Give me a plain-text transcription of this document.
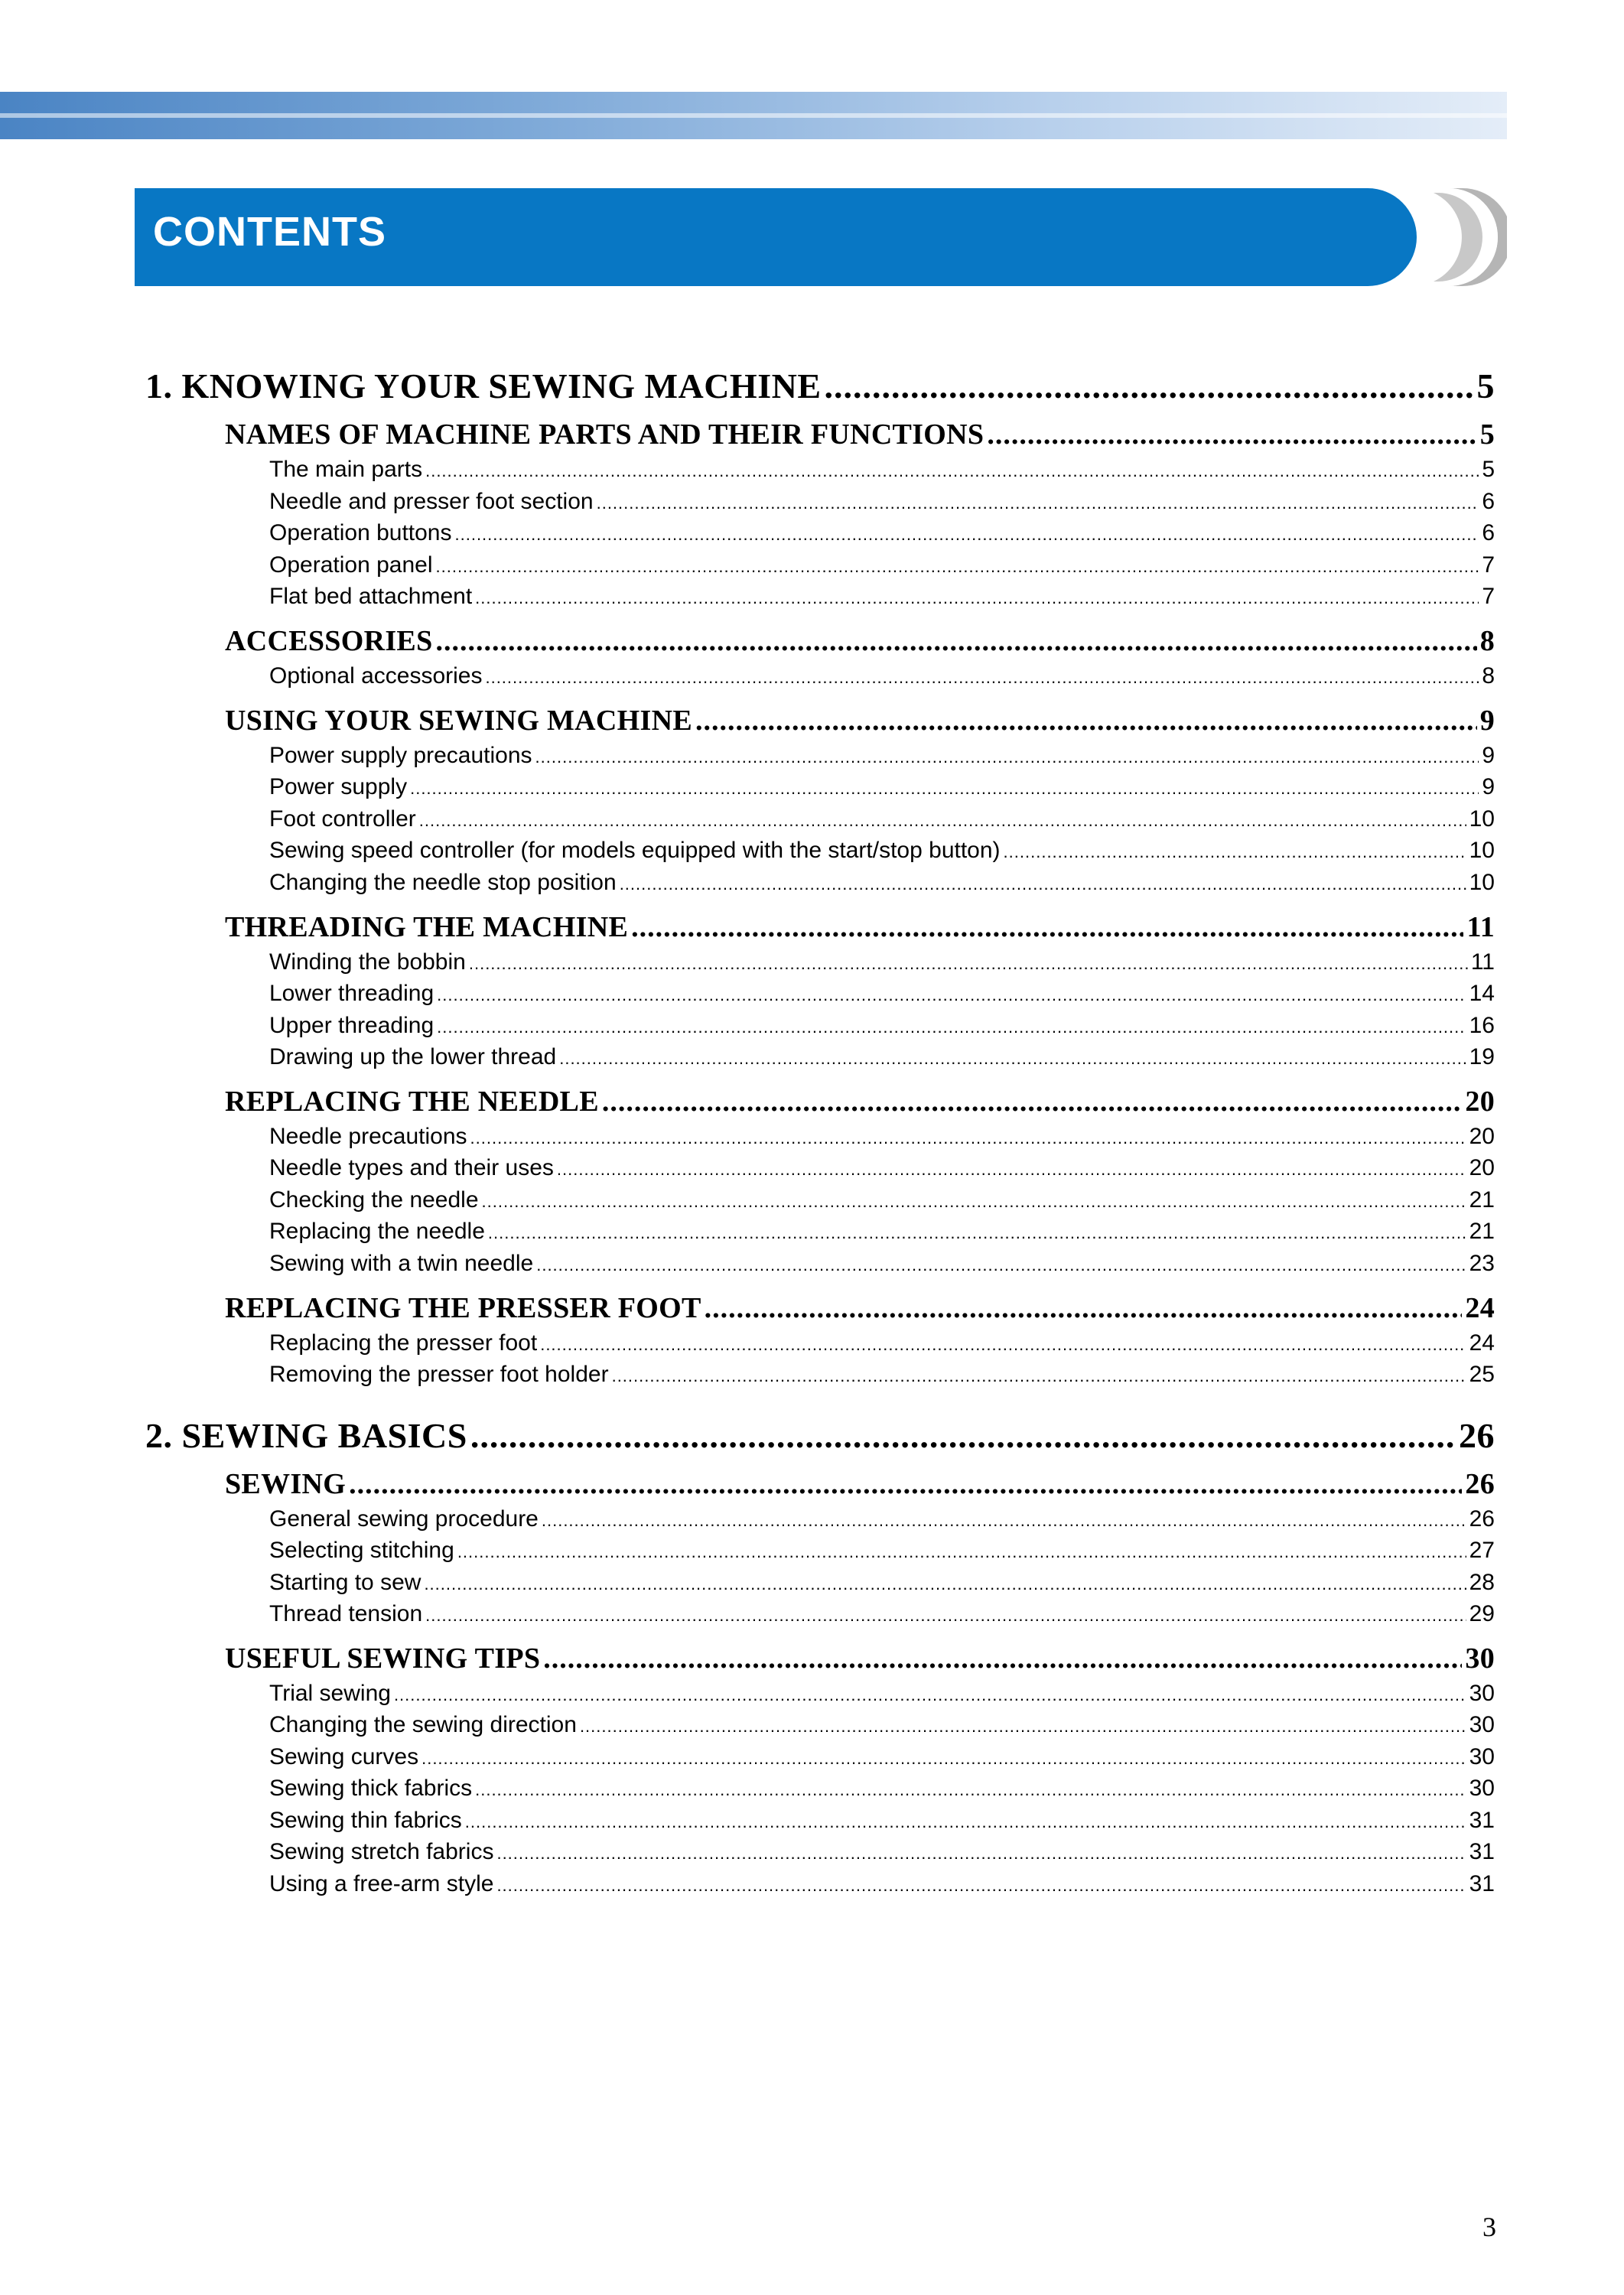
CONTENTS
1. KNOWING YOUR SEWING MACHINE .....	5
NAMES OF MACHINE PARTS AND THEIR FUNCTIONS .....	5
The main parts .....	5
Needle and presser foot section .....	6
Operation buttons .....	6
Operation panel .....	7
Flat bed attachment .....	7
ACCESSORIES .....	8
Optional accessories .....	8
USING YOUR SEWING MACHINE .....	9
Power supply precautions .....	9
Power supply .....	9
Foot controller .....	10
Sewing speed controller (for models equipped with the start/stop button) .....	10
Changing the needle stop position .....	10
THREADING THE MACHINE .....	11
Winding the bobbin .....	11
Lower threading .....	14
Upper threading .....	16
Drawing up the lower thread .....	19
REPLACING THE NEEDLE .....	20
Needle precautions .....	20
Needle types and their uses .....	20
Checking the needle .....	21
Replacing the needle .....	21
Sewing with a twin needle .....	23
REPLACING THE PRESSER FOOT .....	24
Replacing the presser foot .....	24
Removing the presser foot holder .....	25
2. SEWING BASICS .....	26
SEWING .....	26
General sewing procedure .....	26
Selecting stitching .....	27
Starting to sew .....	28
Thread tension .....	29
USEFUL SEWING TIPS .....	30
Trial sewing .....	30
Changing the sewing direction .....	30
Sewing curves .....	30
Sewing thick fabrics .....	30
Sewing thin fabrics .....	31
Sewing stretch fabrics .....	31
Using a free-arm style .....	31
3
